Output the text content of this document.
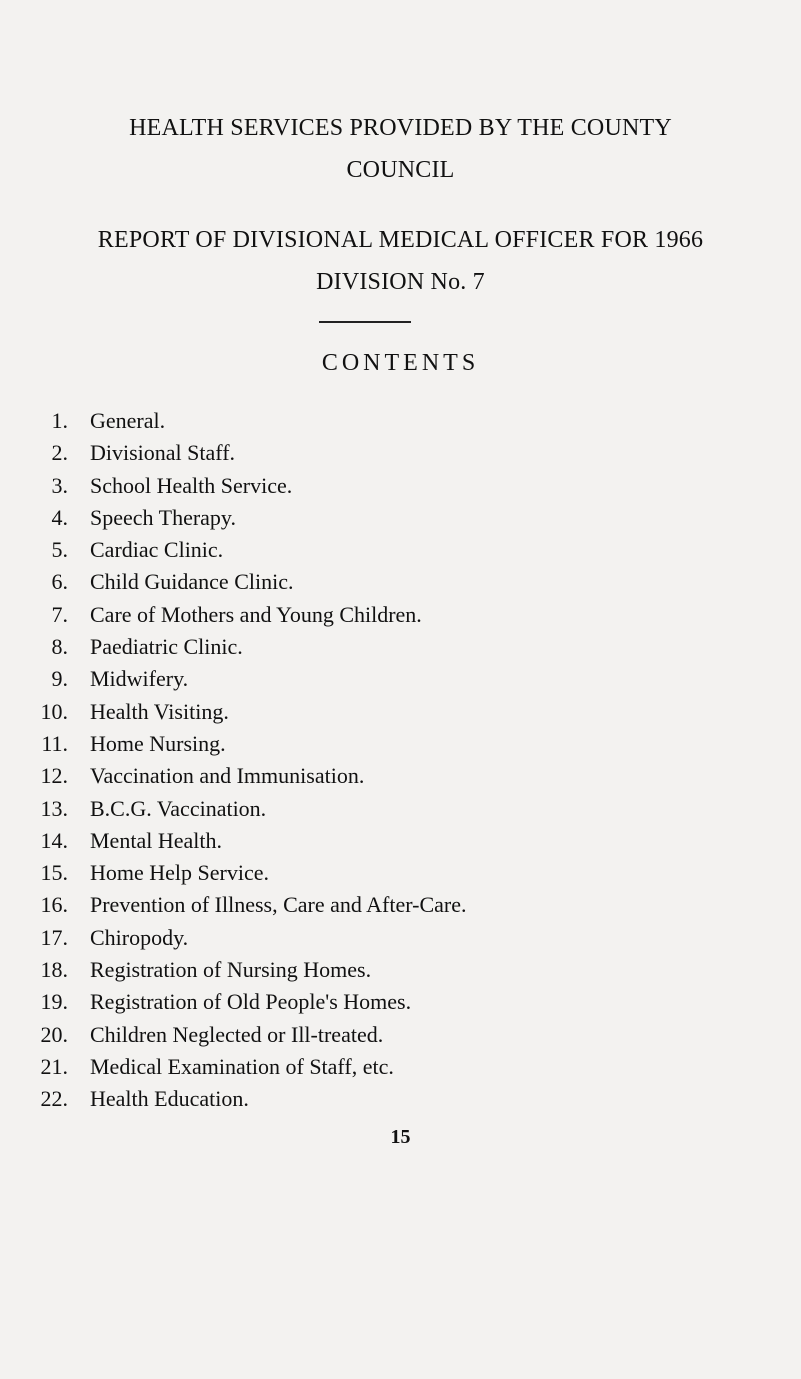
HEALTH SERVICES PROVIDED BY THE COUNTY
COUNCIL
REPORT OF DIVISIONAL MEDICAL OFFICER FOR 1966
DIVISION No. 7
CONTENTS
1. General.
2. Divisional Staff.
3. School Health Service.
4. Speech Therapy.
5. Cardiac Clinic.
6. Child Guidance Clinic.
7. Care of Mothers and Young Children.
8. Paediatric Clinic.
9. Midwifery.
10. Health Visiting.
11. Home Nursing.
12. Vaccination and Immunisation.
13. B.C.G. Vaccination.
14. Mental Health.
15. Home Help Service.
16. Prevention of Illness, Care and After-Care.
17. Chiropody.
18. Registration of Nursing Homes.
19. Registration of Old People's Homes.
20. Children Neglected or Ill-treated.
21. Medical Examination of Staff, etc.
22. Health Education.
15
